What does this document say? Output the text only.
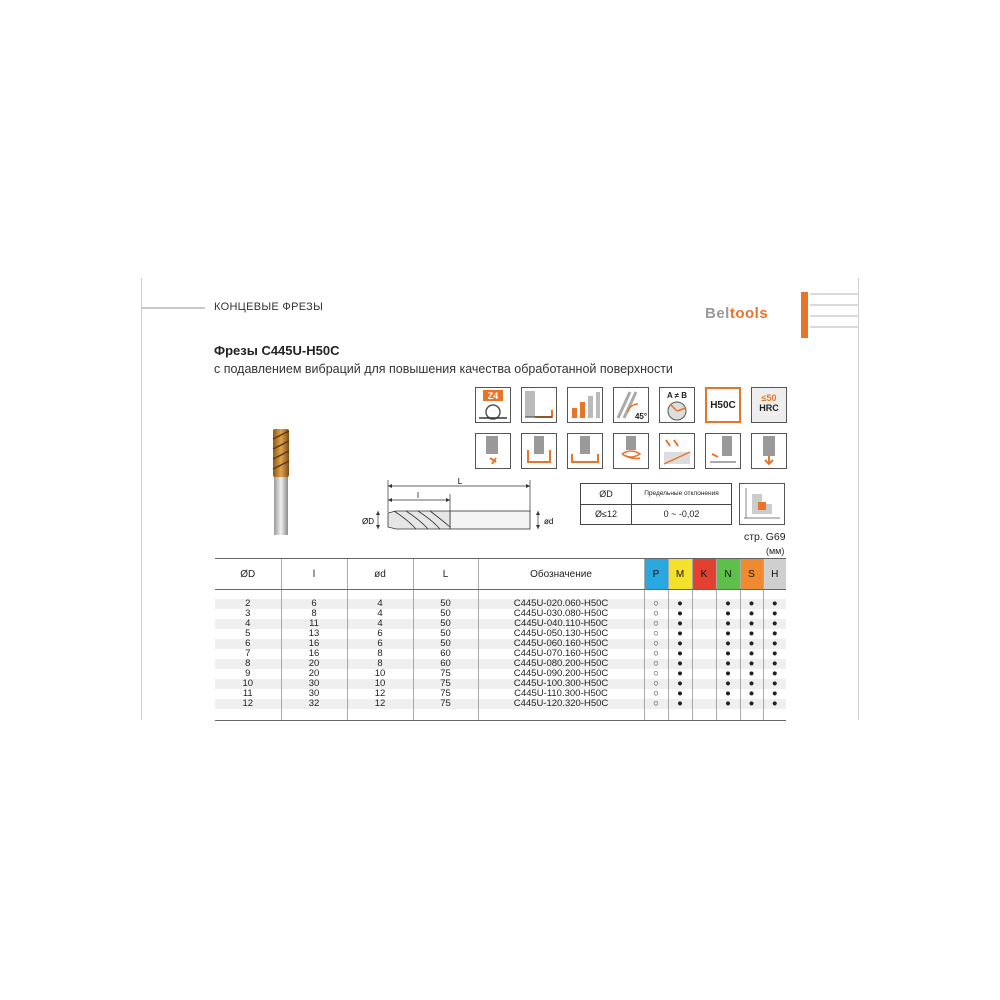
КОНЦЕВЫЕ ФРЕЗЫ	Beltools
Фрезы C445U-H50C
с подавлением вибраций для повышения качества обработанной поверхности
Z4
45°
A ≠ B
H50C
≤50
HRC
L
l
ØD	ød
ØD	Предельные отклонения
Ø≤12	0 ~ -0,02
стр. G69
(мм)
ØD	l	ød	L	Обозначение	P	M	K	N	S	H

2	6	4	50	C445U-020.060-H50C	○	●		●	●	●
3	8	4	50	C445U-030.080-H50C	○	●		●	●	●
4	11	4	50	C445U-040.110-H50C	○	●		●	●	●
5	13	6	50	C445U-050.130-H50C	○	●		●	●	●
6	16	6	50	C445U-060.160-H50C	○	●		●	●	●
7	16	8	60	C445U-070.160-H50C	○	●		●	●	●
8	20	8	60	C445U-080.200-H50C	○	●		●	●	●
9	20	10	75	C445U-090.200-H50C	○	●		●	●	●
10	30	10	75	C445U-100.300-H50C	○	●		●	●	●
11	30	12	75	C445U-110.300-H50C	○	●		●	●	●
12	32	12	75	C445U-120.320-H50C	○	●		●	●	●
